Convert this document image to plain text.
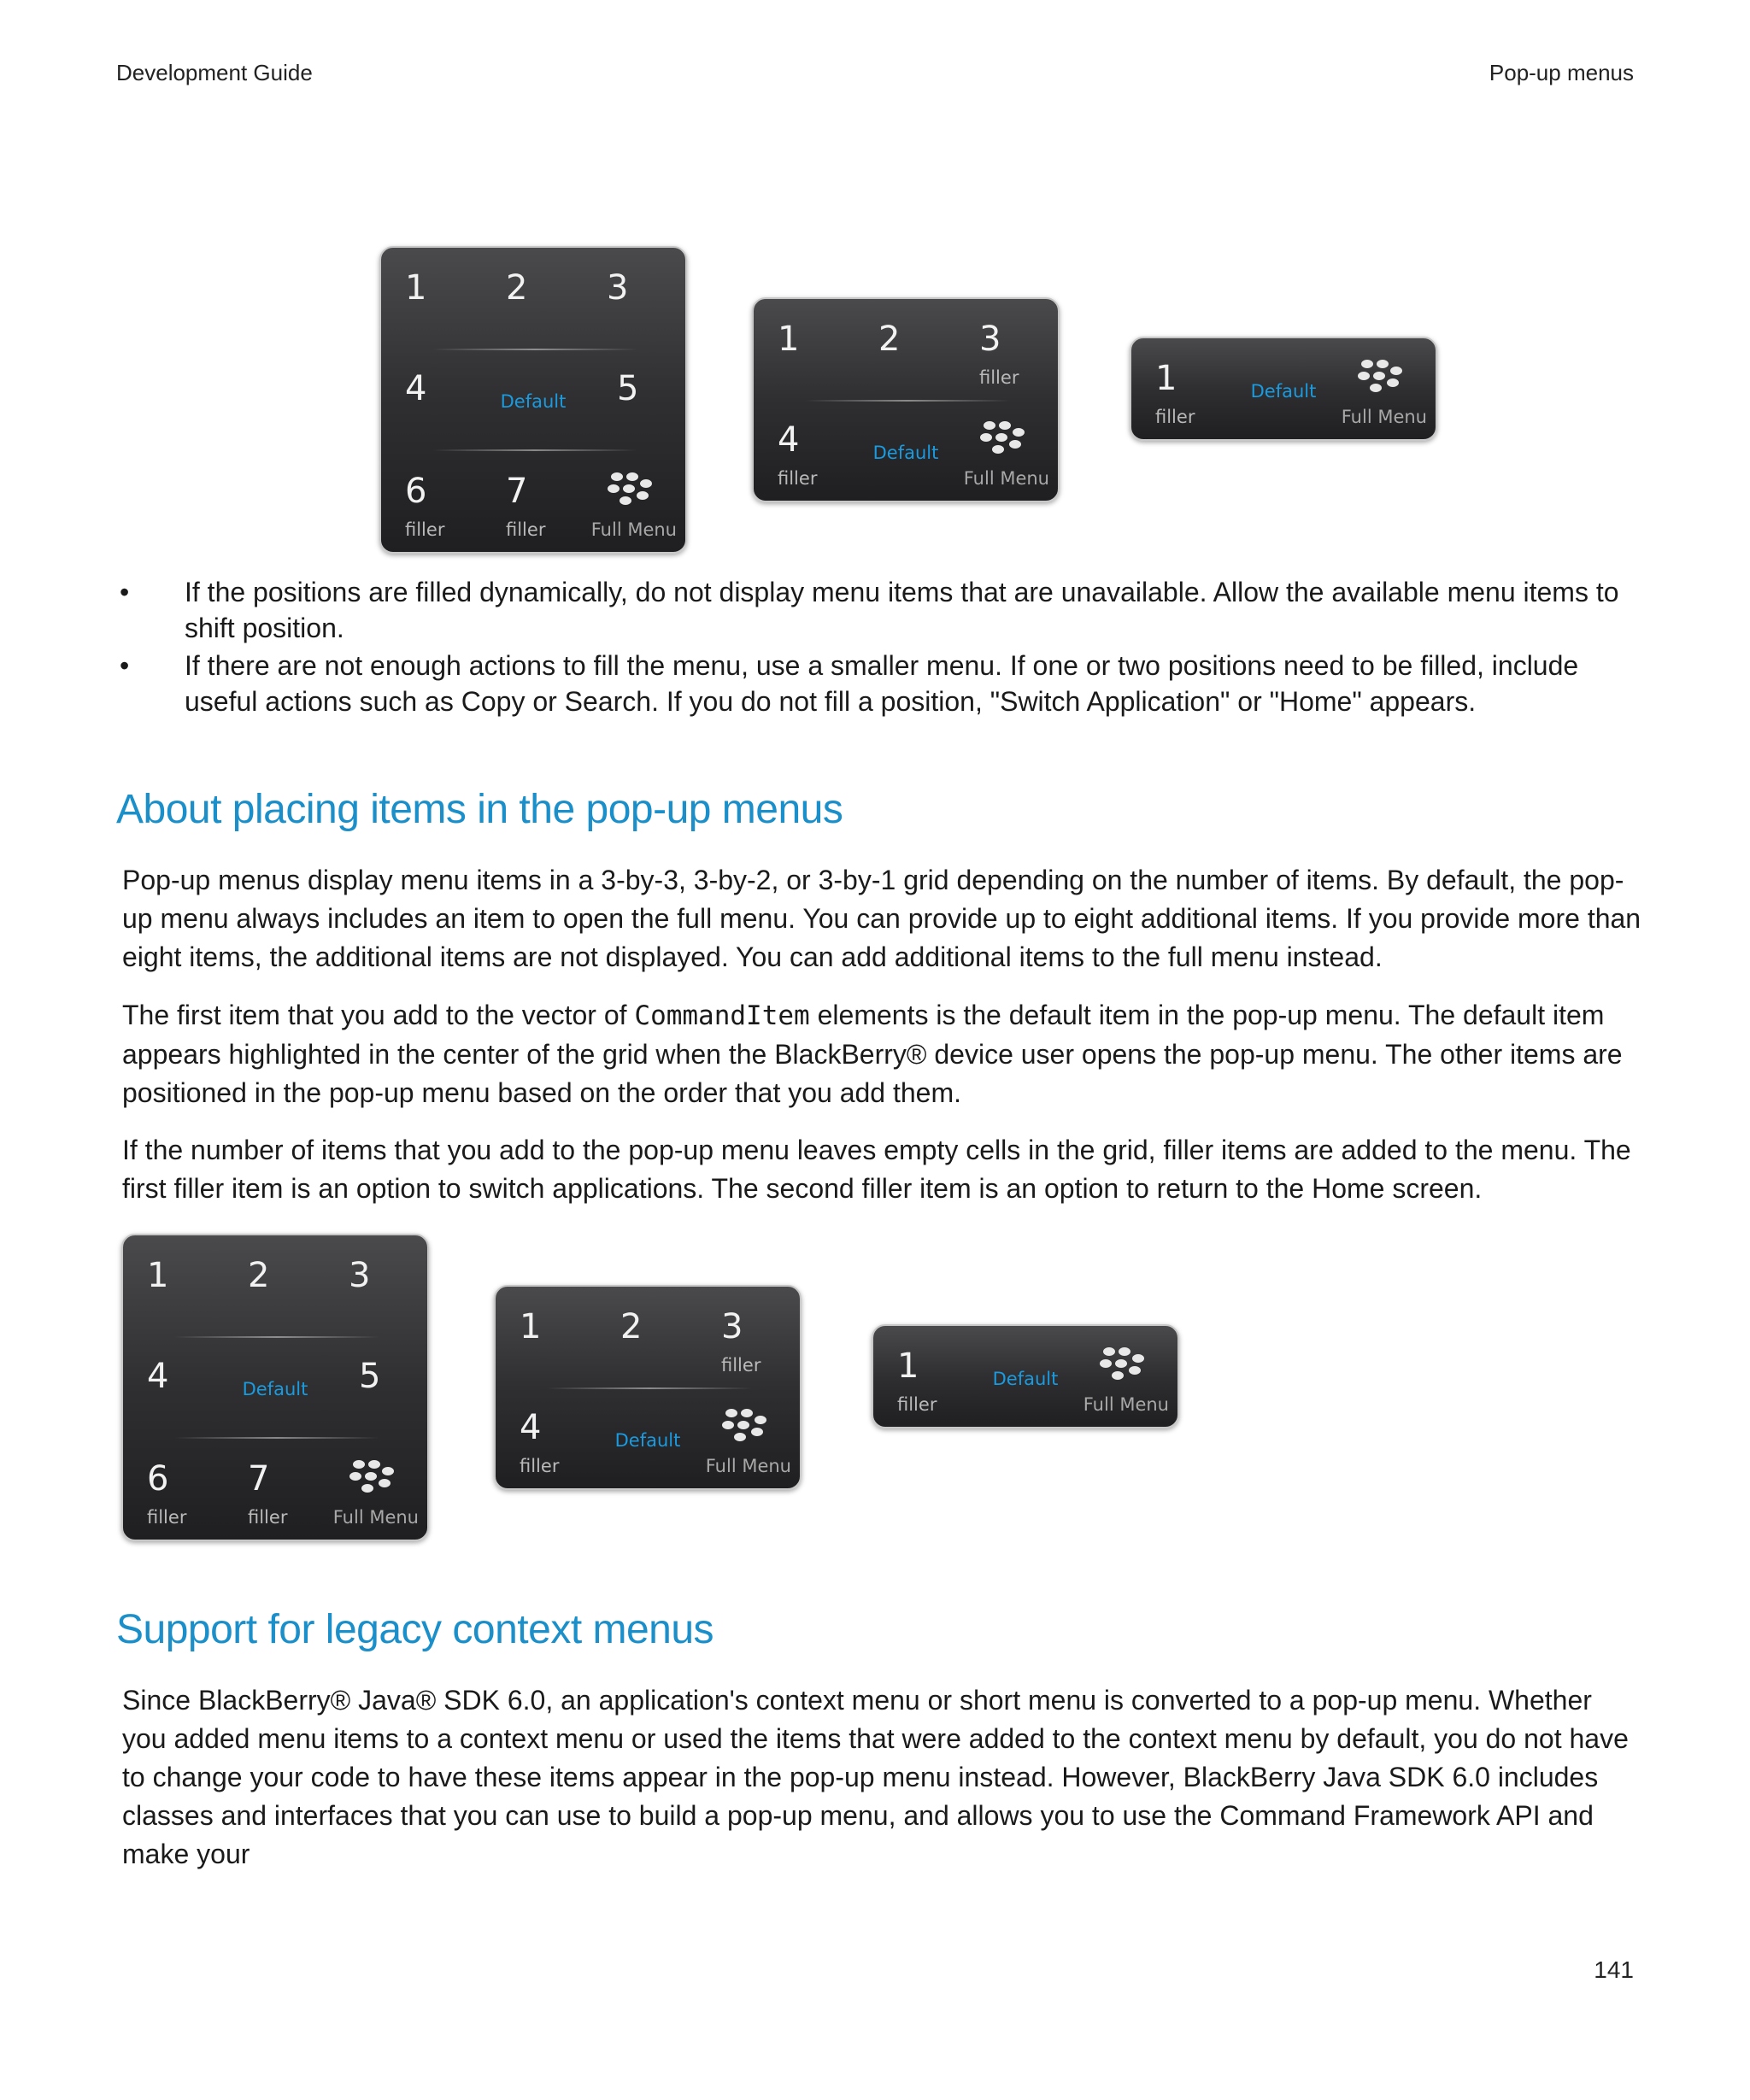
Development Guide	Pop-up menus
1 2 3
4	Default	5
6
filler
7
filler	Full Menu
1 2 3
filler
4
filler
Default
Full Menu
1
filler
Default
Full Menu
• If the positions are filled dynamically, do not display menu items that are unavailable. Allow the available menu items to shift position.
• If there are not enough actions to fill the menu, use a smaller menu. If one or two positions need to be filled, include useful actions such as Copy or Search. If you do not fill a position, "Switch Application" or "Home" appears.
About placing items in the pop-up menus

Pop-up menus display menu items in a 3-by-3, 3-by-2, or 3-by-1 grid depending on the number of items. By default, the pop-up menu always includes an item to open the full menu. You can provide up to eight additional items. If you provide more than eight items, the additional items are not displayed. You can add additional items to the full menu instead.

The first item that you add to the vector of CommandItem elements is the default item in the pop-up menu. The default item appears highlighted in the center of the grid when the BlackBerry® device user opens the pop-up menu. The other items are positioned in the pop-up menu based on the order that you add them.

If the number of items that you add to the pop-up menu leaves empty cells in the grid, filler items are added to the menu. The first filler item is an option to switch applications. The second filler item is an option to return to the Home screen.

1 2 3
4	Default	5
6
filler
7
filler	Full Menu
1 2 3
filler
4
filler
Default
Full Menu
1
filler
Default
Full Menu
Support for legacy context menus

Since BlackBerry® Java® SDK 6.0, an application's context menu or short menu is converted to a pop-up menu. Whether you added menu items to a context menu or used the items that were added to the context menu by default, you do not have to change your code to have these items appear in the pop-up menu instead. However, BlackBerry Java SDK 6.0 includes classes and interfaces that you can use to build a pop-up menu, and allows you to use the Command Framework API and make your

141
